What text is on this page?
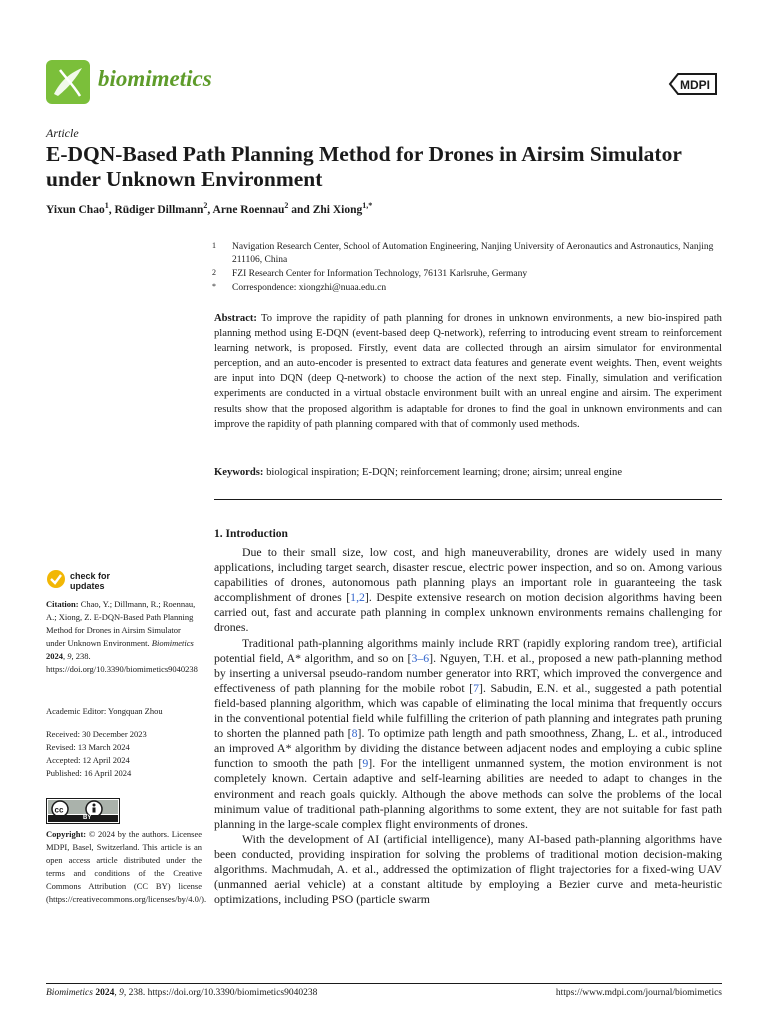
biomimetics	MDPI
Article
E-DQN-Based Path Planning Method for Drones in Airsim Simulator under Unknown Environment
Yixun Chao$^1$, Rüdiger Dillmann$^2$, Arne Roennau$^2$ and Zhi Xiong$^{1,*}$
1	Navigation Research Center, School of Automation Engineering, Nanjing University of Aeronautics and Astronautics, Nanjing 211106, China
2	FZI Research Center for Information Technology, 76131 Karlsruhe, Germany
*	Correspondence: xiongzhi@nuaa.edu.cn
Abstract: To improve the rapidity of path planning for drones in unknown environments, a new bio-inspired path planning method using E-DQN (event-based deep Q-network), referring to introducing event stream to reinforcement learning network, is proposed. Firstly, event data are collected through an airsim simulator for environmental perception, and an auto-encoder is presented to extract data features and generate event weights. Then, event weights are input into DQN (deep Q-network) to choose the action of the next step. Finally, simulation and verification experiments are conducted in a virtual obstacle environment built with an unreal engine and airsim. The experiment results show that the proposed algorithm is adaptable for drones to find the goal in unknown environments and can improve the rapidity of path planning compared with that of commonly used methods.
Keywords: biological inspiration; E-DQN; reinforcement learning; drone; airsim; unreal engine
1. Introduction

Due to their small size, low cost, and high maneuverability, drones are widely used in many applications, including target search, disaster rescue, electric power inspection, and so on. Among various capabilities of drones, autonomous path planning plays an important role in guaranteeing the task accomplishment of drones [1,2]. Despite extensive research on motion decision algorithms having been carried out, fast and accurate path planning in complex unknown environments remains challenging for drones.

Traditional path-planning algorithms mainly include RRT (rapidly exploring random tree), artificial potential field, A* algorithm, and so on [3–6]. Nguyen, T.H. et al., proposed a new path-planning method by inserting a universal pseudo-random number generator into RRT, which improved the convergence and effectiveness of path planning for the mobile robot [7]. Sabudin, E.N. et al., suggested a path potential field-based planning algorithm, which was capable of eliminating the local minima that frequently occurs in the conventional potential field while fulfilling the criterion of path planning and integrates path pruning to shorten the planned path [8]. To optimize path length and path smoothness, Zhang, L. et al., introduced an improved A* algorithm by dividing the distance between adjacent nodes and employing a cubic spline function to smooth the path [9]. For the intelligent unmanned system, the motion environment is not completely known. Certain adaptive and self-learning abilities are needed to adapt to changes in the environment and reach goals quickly. Although the above methods can solve the problems of the local minimum value of traditional path-planning algorithms to some extent, they are not suitable for fast path planning in the large-scale complex flight environments of drones.

With the development of AI (artificial intelligence), many AI-based path-planning algorithms have been conducted, providing inspiration for solving the problems of traditional motion decision-making algorithms. Machmudah, A. et al., addressed the optimization of flight trajectories for a fixed-wing UAV (unmanned aerial vehicle) at a constant altitude by employing a Bezier curve and meta-heuristic optimizations, including PSO (particle swarm

check for
updates
Citation: Chao, Y.; Dillmann, R.; Roennau, A.; Xiong, Z. E-DQN-Based Path Planning Method for Drones in Airsim Simulator under Unknown Environment. Biomimetics 2024, 9, 238. https://doi.org/10.3390/biomimetics9040238
Academic Editor: Yongquan Zhou
Received: 30 December 2023
Revised: 13 March 2024
Accepted: 12 April 2024
Published: 16 April 2024
cc
BY
Copyright: © 2024 by the authors. Licensee MDPI, Basel, Switzerland. This article is an open access article distributed under the terms and conditions of the Creative Commons Attribution (CC BY) license (https://creativecommons.org/licenses/by/4.0/).
Biomimetics 2024, 9, 238. https://doi.org/10.3390/biomimetics9040238	https://www.mdpi.com/journal/biomimetics
